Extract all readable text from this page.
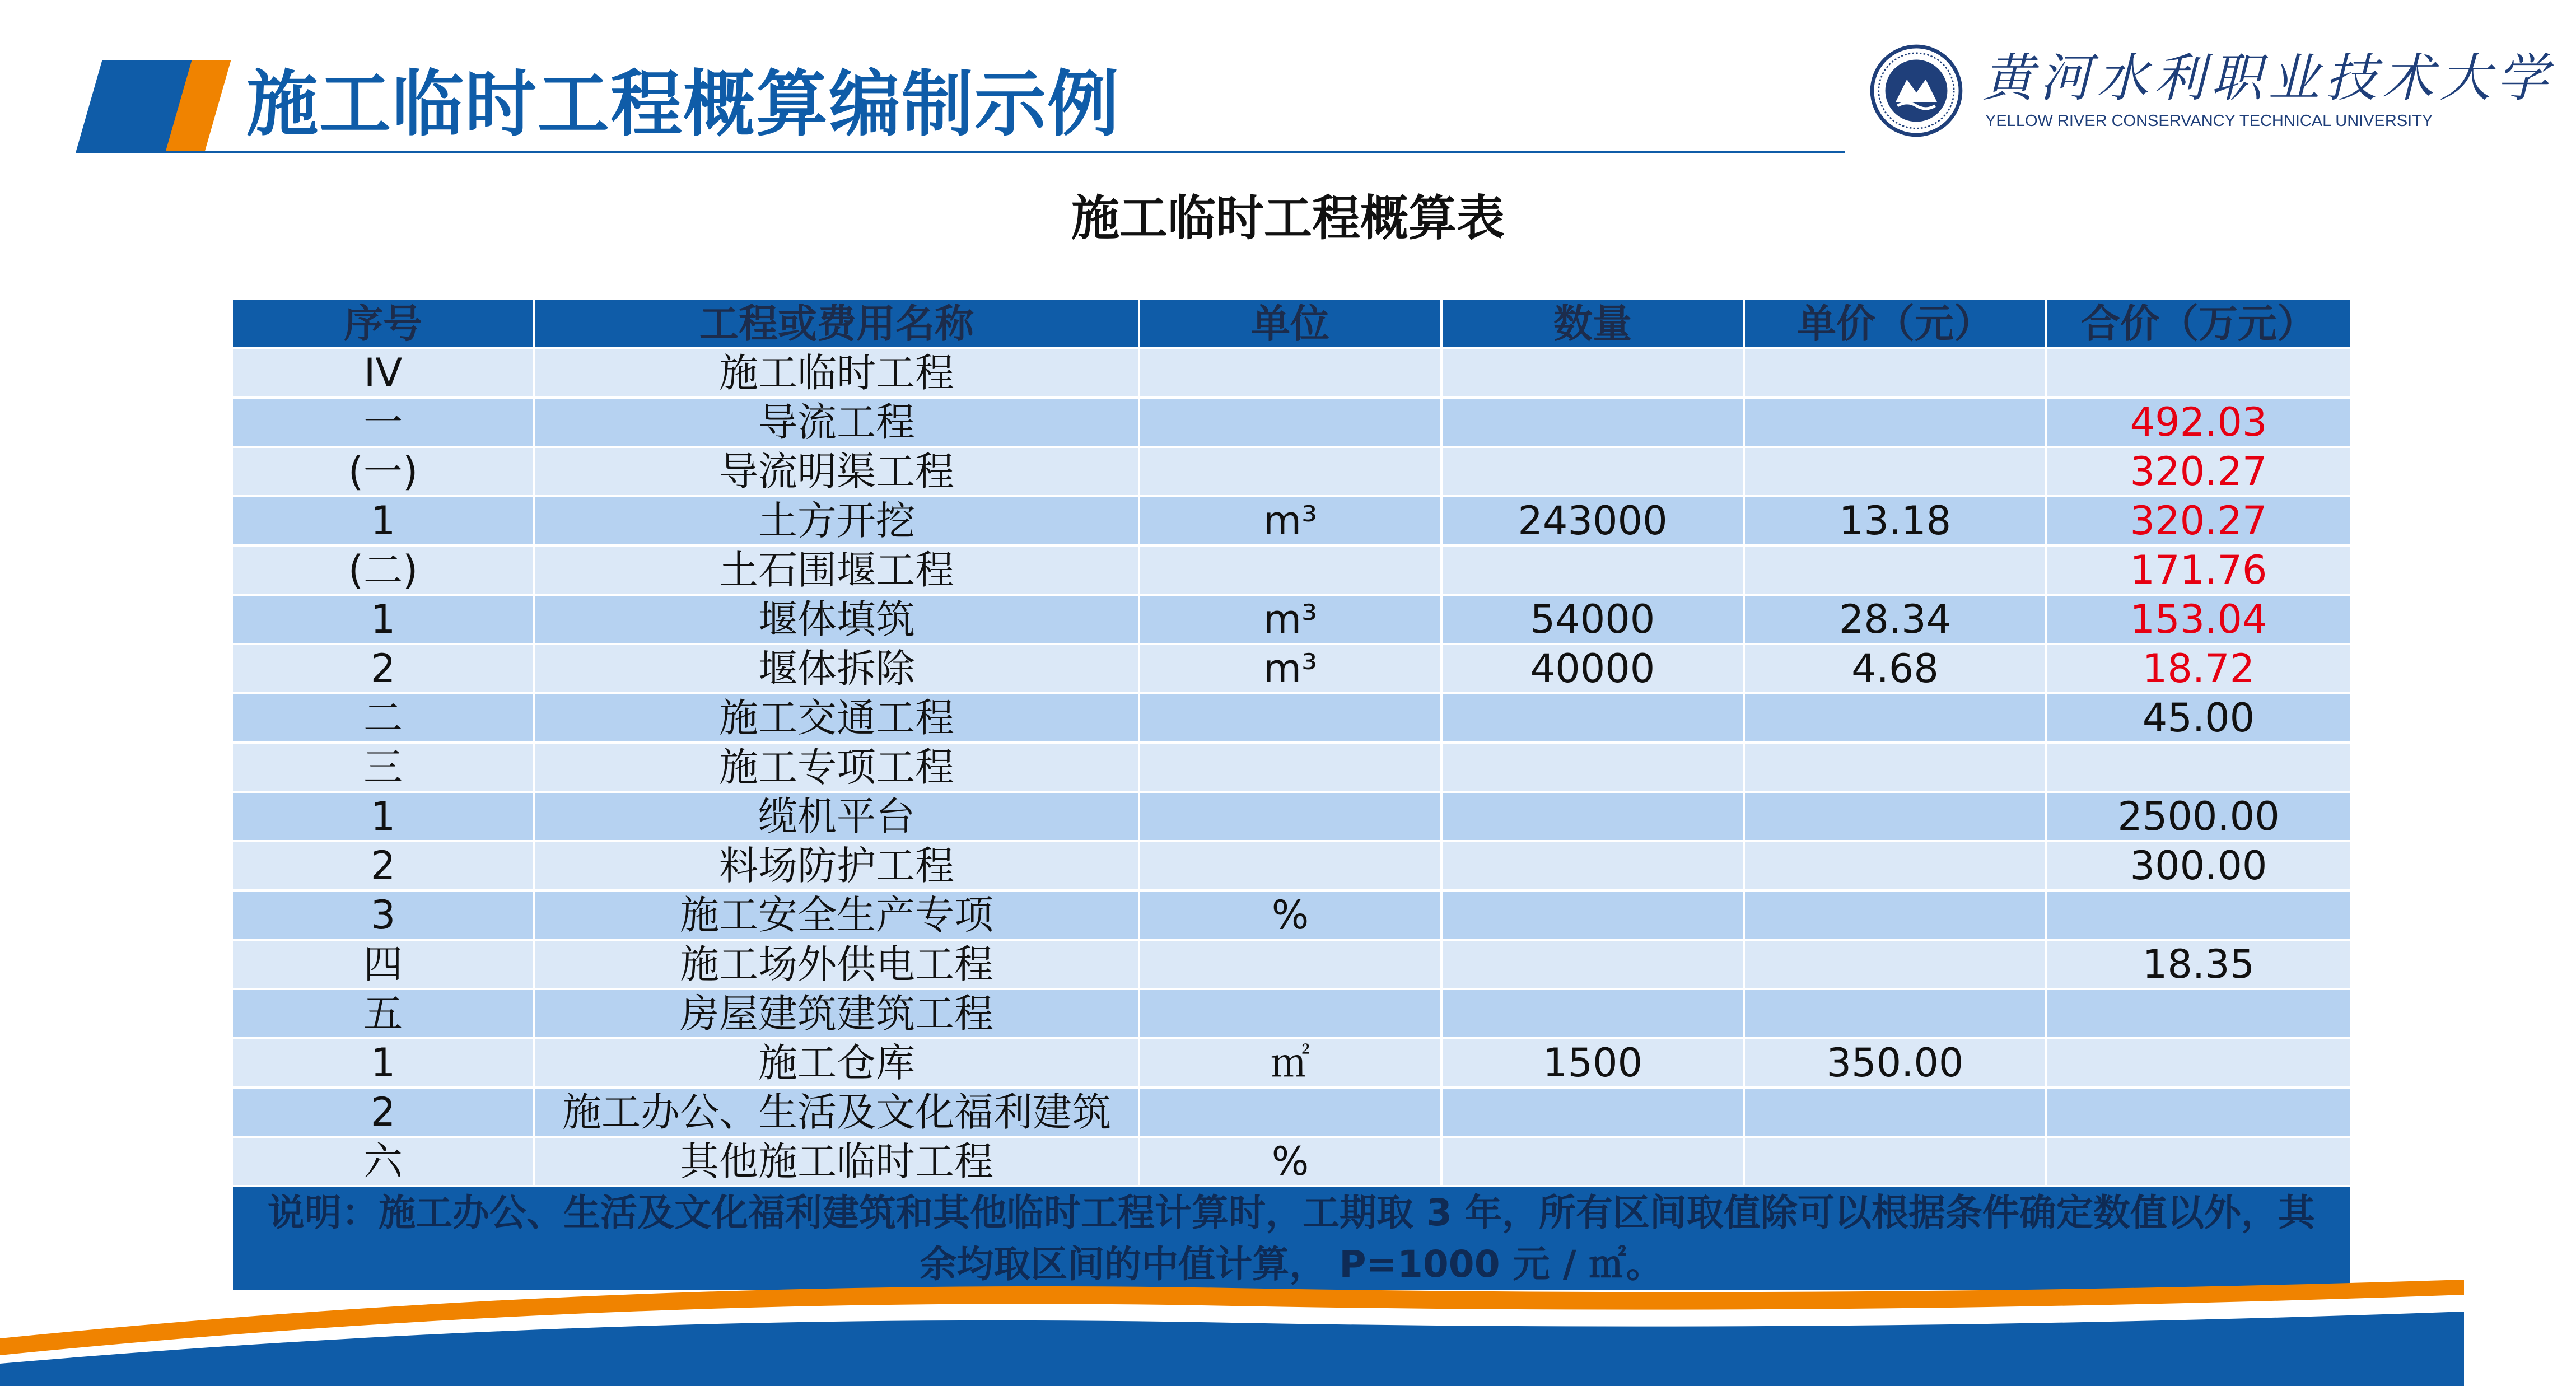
施工临时工程概算编制示例	黄河水利职业技术大学
YELLOW RIVER CONSERVANCY TECHNICAL UNIVERSITY
施工临时工程概算表
序号	工程或费用名称	单位	数量	单价（元）	合价（万元）
IV	施工临时工程				
一	导流工程				492.03
(一)	导流明渠工程				320.27
1	土方开挖	m³	243000	13.18	320.27
(二)	土石围堰工程				171.76
1	堰体填筑	m³	54000	28.34	153.04
2	堰体拆除	m³	40000	4.68	18.72
二	施工交通工程				45.00
三	施工专项工程				
1	缆机平台				2500.00
2	料场防护工程				300.00
3	施工安全生产专项	%			
四	施工场外供电工程				18.35
五	房屋建筑建筑工程				
1	施工仓库	㎡	1500	350.00	
2	施工办公、生活及文化福利建筑				
六	其他施工临时工程	%			
说明：施工办公、生活及文化福利建筑和其他临时工程计算时，工期取 3 年，所有区间取值除可以根据条件确定数值以外，其余均取区间的中值计算， P=1000 元 / ㎡。					
